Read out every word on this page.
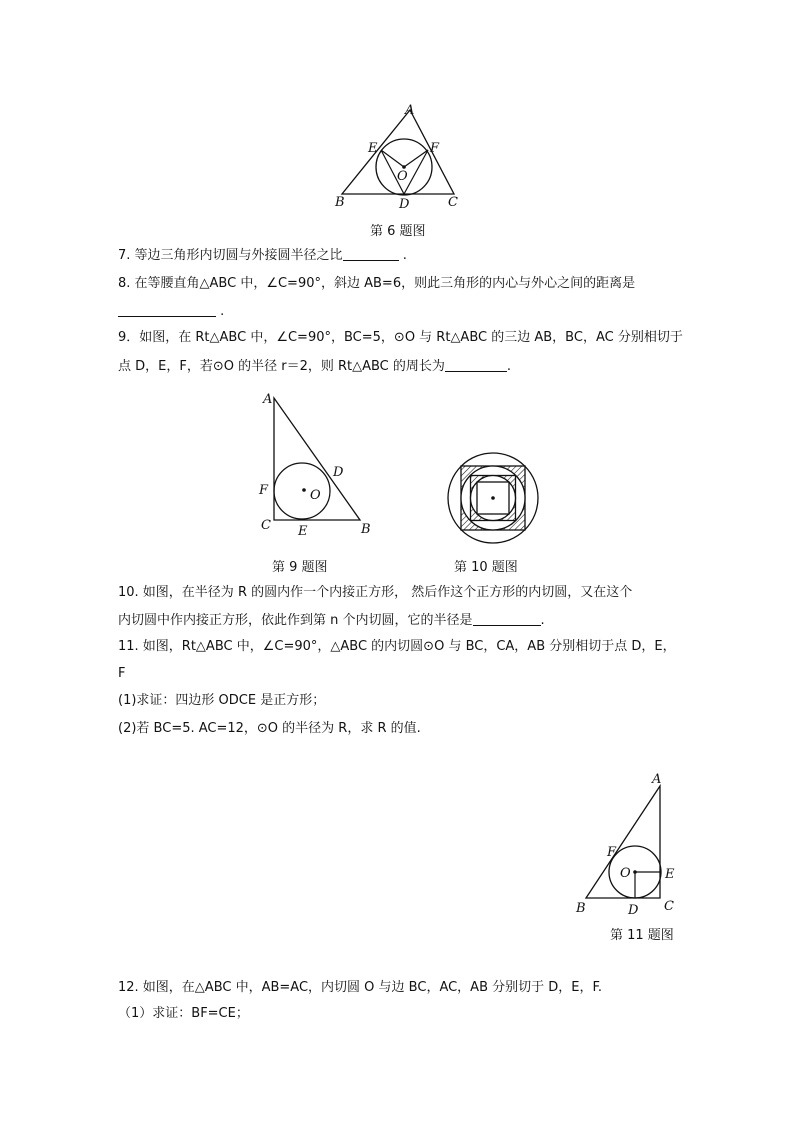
A
B	C
D
E	F
O
第 6 题图
7. 等边三角形内切圆与外接圆半径之比	.
8. 在等腰直角△ABC 中，∠C=90°，斜边 AB=6，则此三角形的内心与外心之间的距离是
.
9．如图，在 Rt△ABC 中，∠C=90°，BC=5，⊙O 与 Rt△ABC 的三边 AB，BC，AC 分别相切于
点 D，E，F，若⊙O 的半径 r＝2，则 Rt△ABC 的周长为	.
A
B
C
D
E
F	O
第 9 题图	第 10 题图
10. 如图，在半径为 R 的圆内作一个内接正方形， 然后作这个正方形的内切圆，又在这个
内切圆中作内接正方形，依此作到第 n 个内切圆，它的半径是	.
11. 如图，Rt△ABC 中，∠C=90°，△ABC 的内切圆⊙O 与 BC，CA，AB 分别相切于点 D，E，
F
(1)求证：四边形 ODCE 是正方形；
(2)若 BC=5. AC=12，⊙O 的半径为 R，求 R 的值.
A
B	C
D
E
F
O
第 11 题图
12. 如图，在△ABC 中，AB=AC，内切圆 O 与边 BC，AC，AB 分别切于 D，E，F.
（1）求证：BF=CE；
